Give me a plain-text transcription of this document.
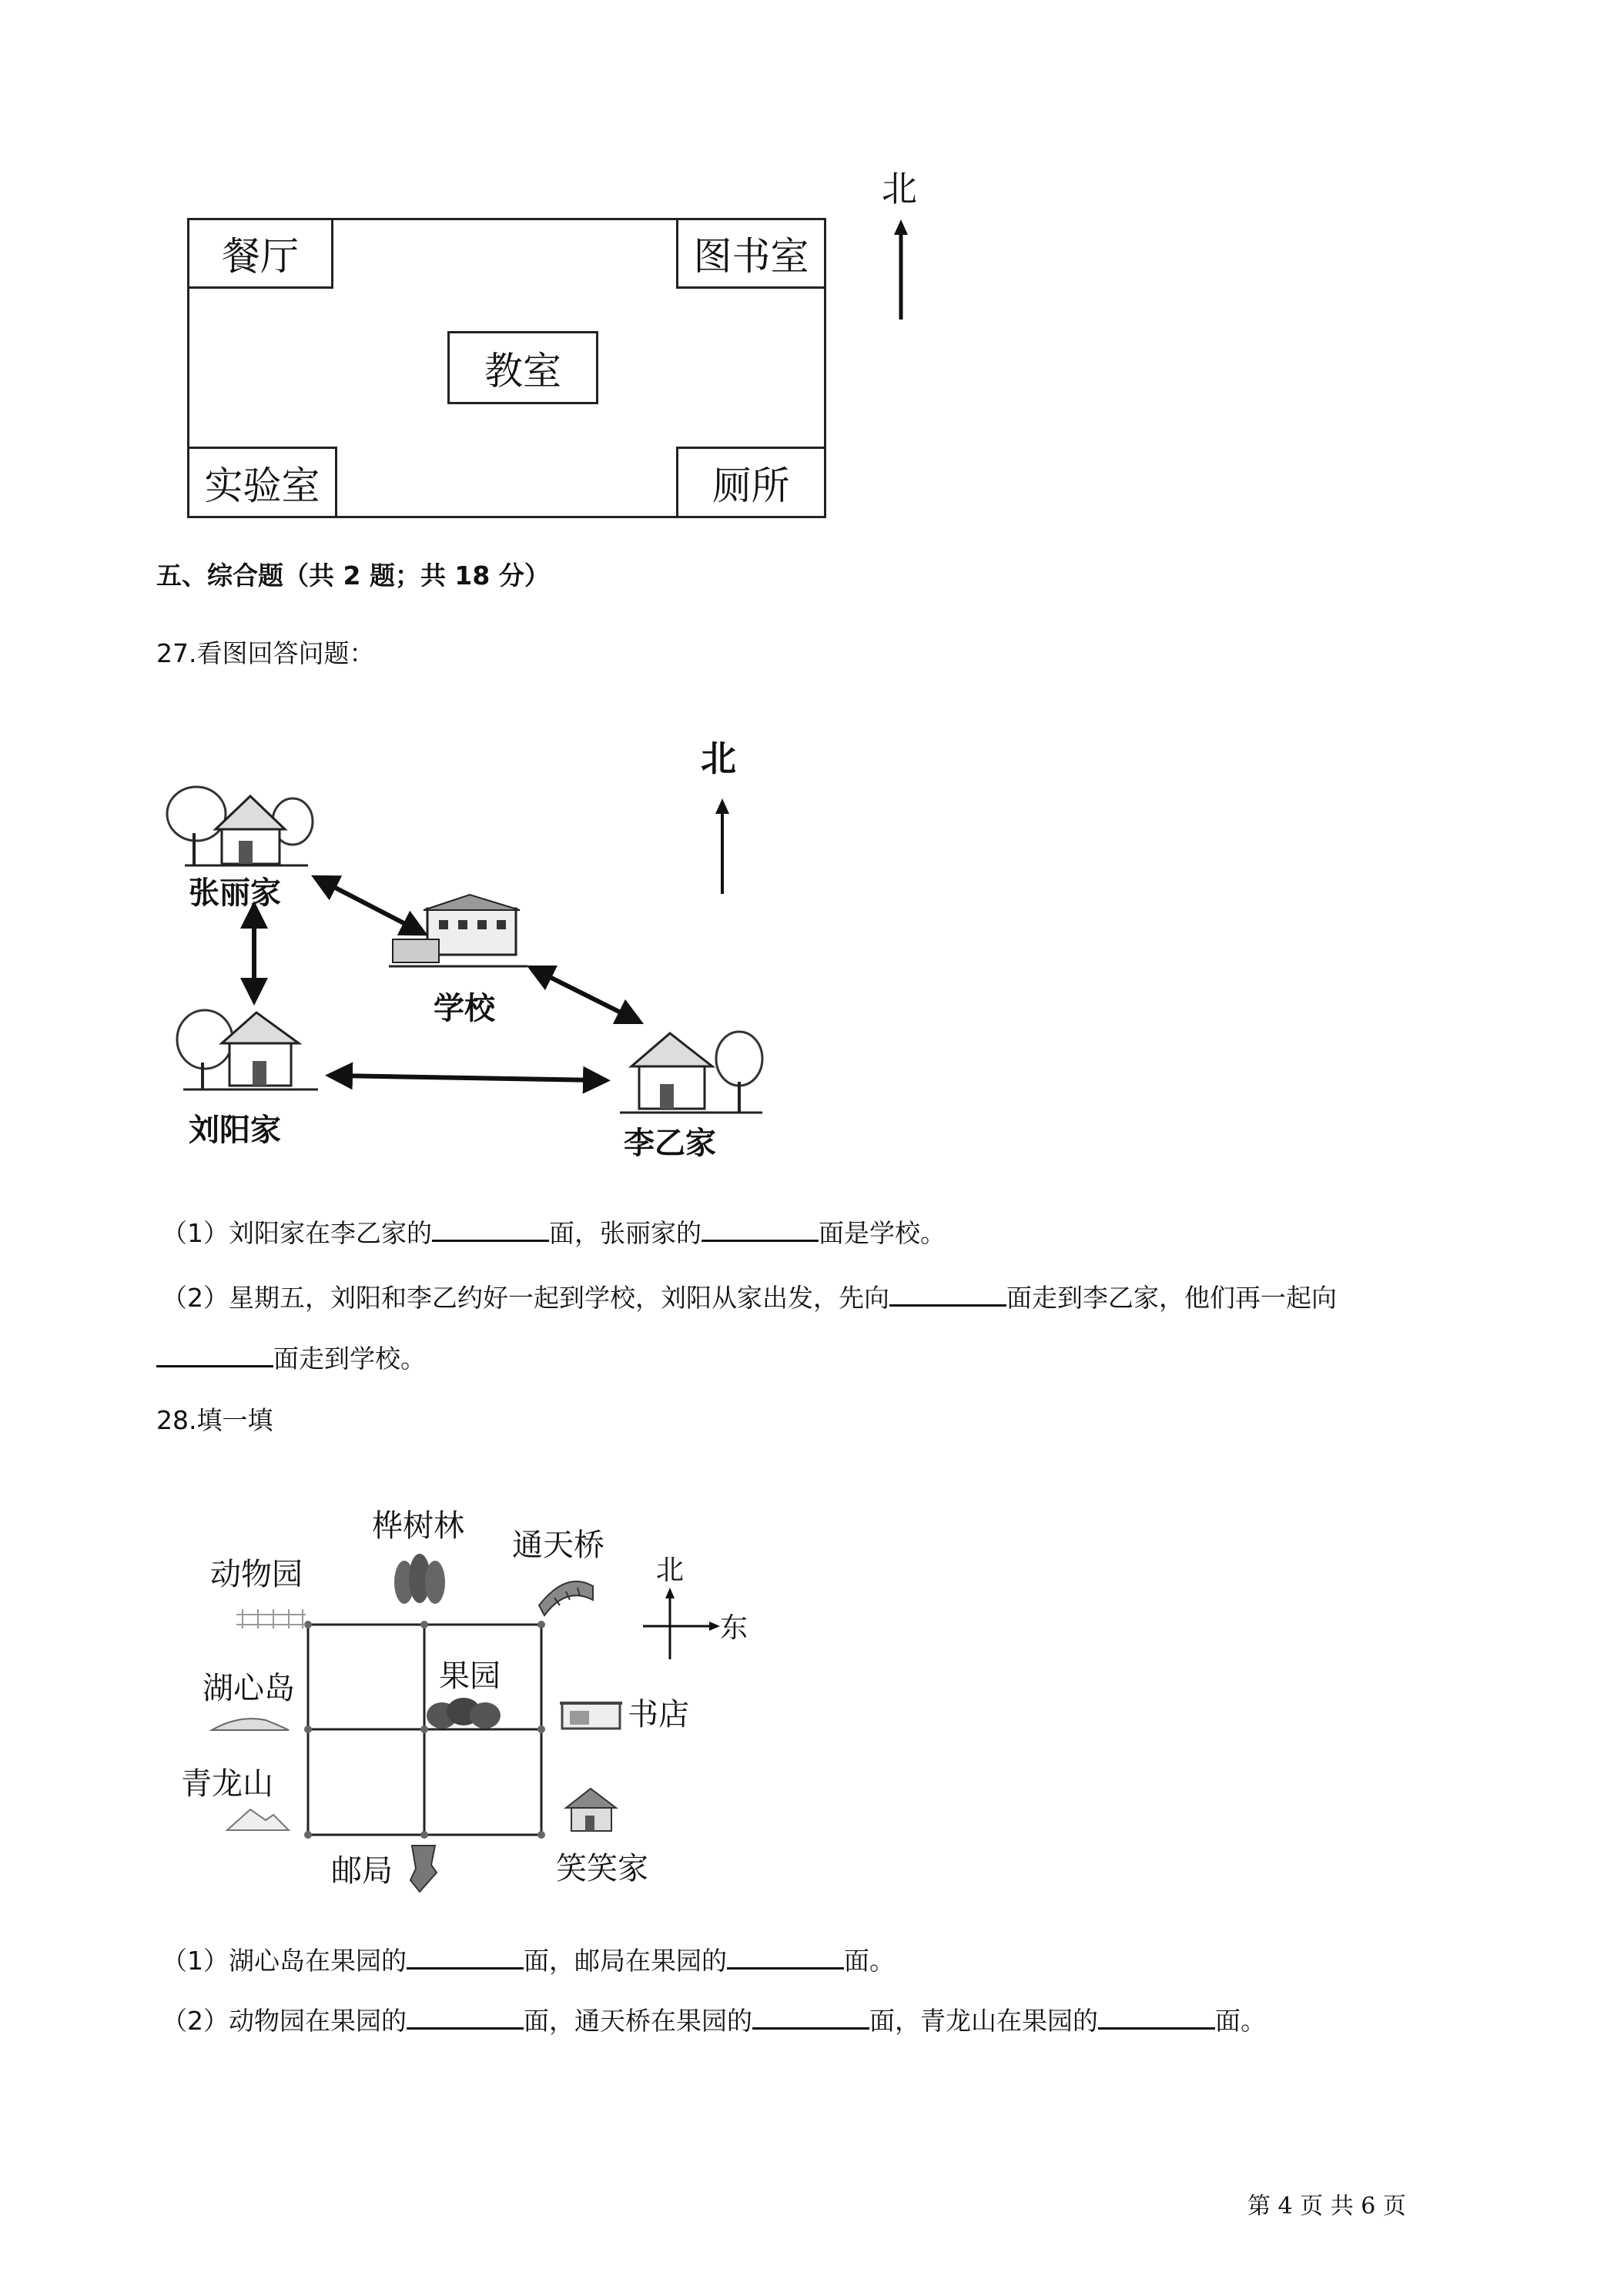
餐厅	图书室
教室
实验室	厕所
北
五、综合题（共 2 题；共 18 分）
27.看图回答问题：
北
张丽家
学校
刘阳家	李乙家
（1）刘阳家在李乙家的	面，张丽家的	面是学校。
（2）星期五，刘阳和李乙约好一起到学校，刘阳从家出发，先向	面走到李乙家，他们再一起向
面走到学校。
28.填一填
北
东
动物园
桦树林
通天桥
湖心岛	果园
书店
青龙山
邮局	笑笑家
（1）湖心岛在果园的	面，邮局在果园的	面。
（2）动物园在果园的	面，通天桥在果园的	面，青龙山在果园的	面。
第 4 页 共 6 页
